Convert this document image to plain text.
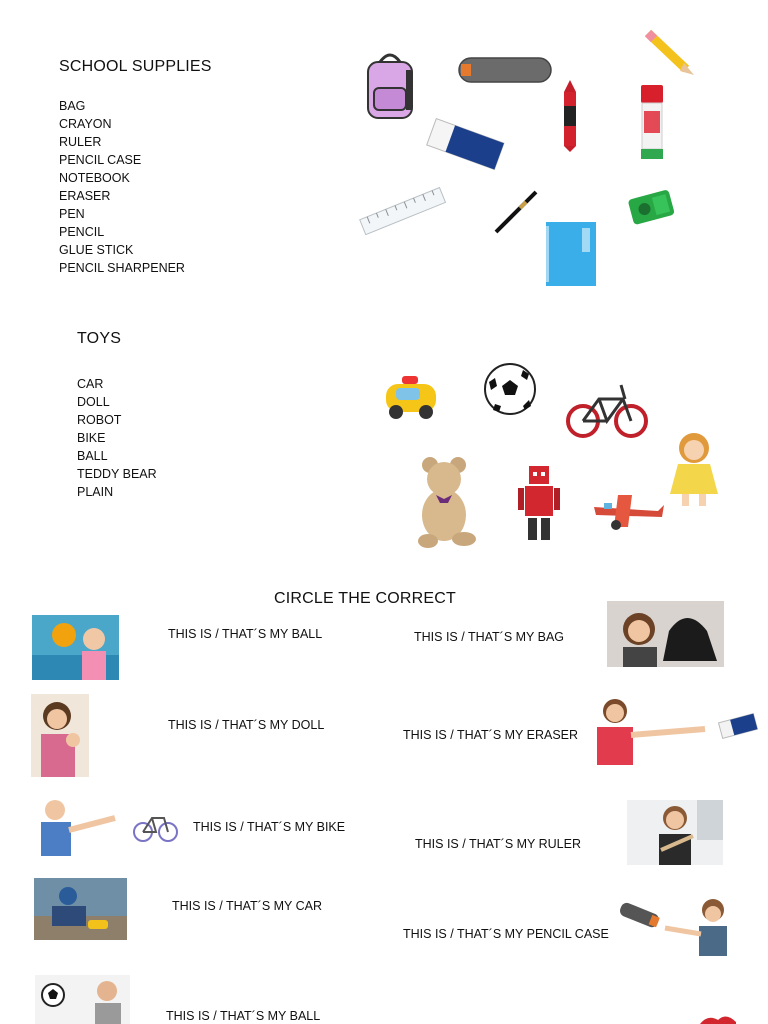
SCHOOL SUPPLIES
BAG
CRAYON
RULER
PENCIL CASE
NOTEBOOK
ERASER
PEN
PENCIL
GLUE STICK
PENCIL SHARPENER
TOYS
CAR
DOLL
ROBOT
BIKE
BALL
TEDDY BEAR
PLAIN
CIRCLE THE CORRECT
THIS IS / THAT´S MY BALL	THIS IS / THAT´S MY BAG
THIS IS / THAT´S MY DOLL
THIS IS / THAT´S MY ERASER
THIS IS / THAT´S MY BIKE
THIS IS / THAT´S MY RULER
THIS IS / THAT´S MY CAR
THIS IS / THAT´S MY PENCIL CASE
THIS IS / THAT´S MY BALL
